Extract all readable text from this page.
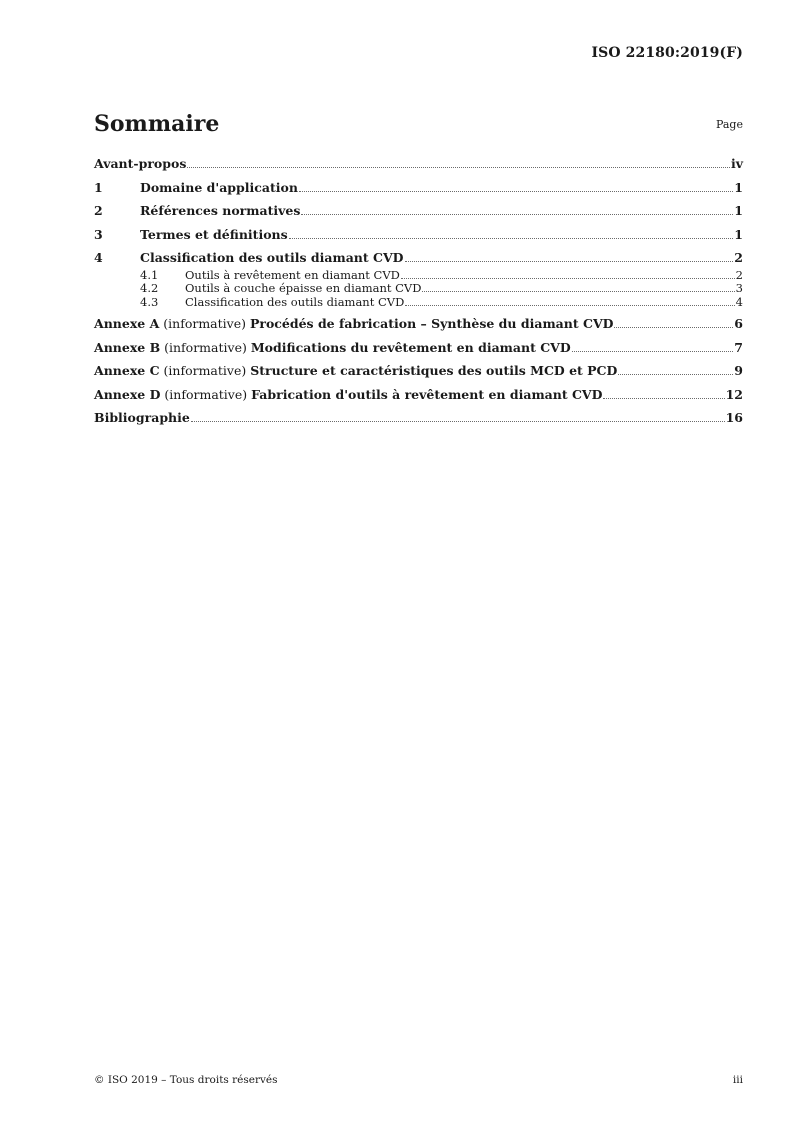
ISO 22180:2019(F)
Sommaire	Page
Avant-propos	iv
1	Domaine d'application	1
2	Références normatives	1
3	Termes et définitions	1
4	Classification des outils diamant CVD	2
4.1	Outils à revêtement en diamant CVD	2
4.2	Outils à couche épaisse en diamant CVD	3
4.3	Classification des outils diamant CVD	4
Annexe A (informative) Procédés de fabrication – Synthèse du diamant CVD	6
Annexe B (informative) Modifications du revêtement en diamant CVD	7
Annexe C (informative) Structure et caractéristiques des outils MCD et PCD	9
Annexe D (informative) Fabrication d'outils à revêtement en diamant CVD	12
Bibliographie	16
© ISO 2019 – Tous droits réservés	iii
